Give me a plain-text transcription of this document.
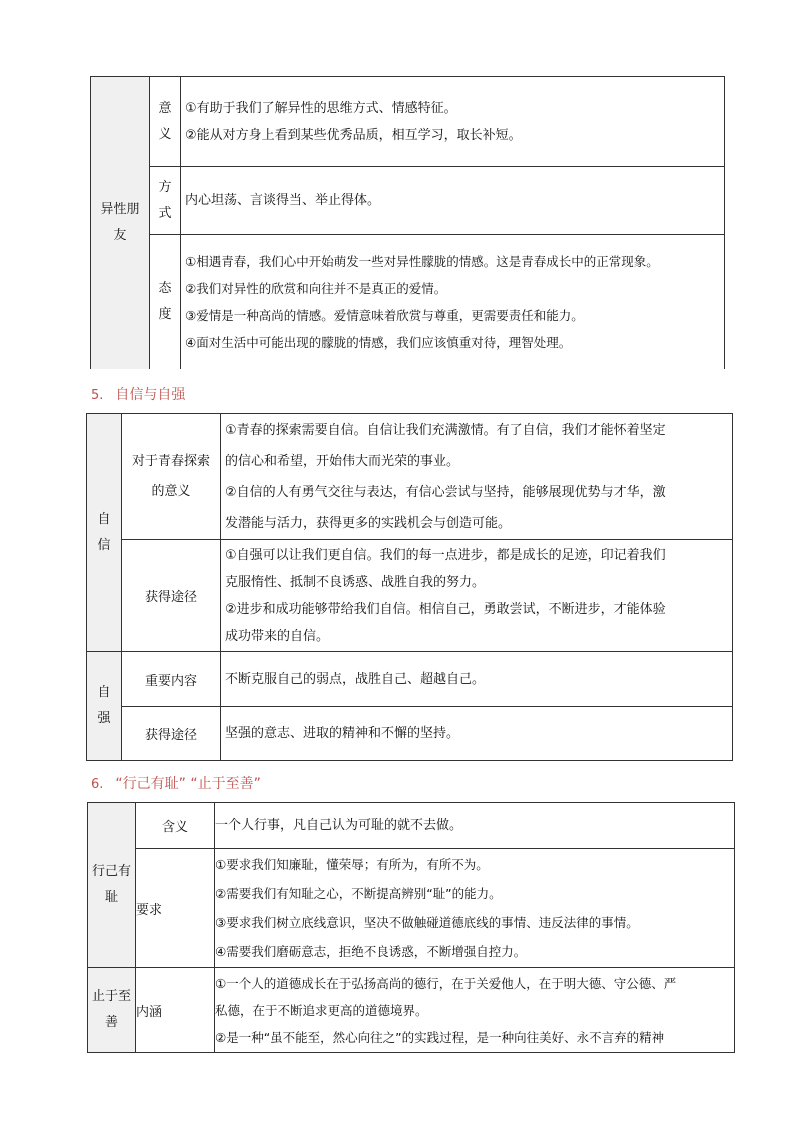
异性朋友	意义	①有助于我们了解异性的思维方式、情感特征。
②能从对方身上看到某些优秀品质，相互学习，取长补短。

	方式	内心坦荡、言谈得当、举止得体。

	态度	①相遇青春，我们心中开始萌发一些对异性朦胧的情感。这是青春成长中的正常现象。
②我们对异性的欣赏和向往并不是真正的爱情。
③爱情是一种高尚的情感。爱情意味着欣赏与尊重，更需要责任和能力。
④面对生活中可能出现的朦胧的情感，我们应该慎重对待，理智处理。
5. 自信与自强
自信	对于青春探索的意义	①青春的探索需要自信。自信让我们充满激情。有了自信，我们才能怀着坚定
的信心和希望，开始伟大而光荣的事业。
②自信的人有勇气交往与表达，有信心尝试与坚持，能够展现优势与才华，激
发潜能与活力，获得更多的实践机会与创造可能。

	获得途径	①自强可以让我们更自信。我们的每一点进步，都是成长的足迹，印记着我们
克服惰性、抵制不良诱惑、战胜自我的努力。
②进步和成功能够带给我们自信。相信自己，勇敢尝试，不断进步，才能体验
成功带来的自信。

自强	重要内容	不断克服自己的弱点，战胜自己、超越自己。

	获得途径	坚强的意志、进取的精神和不懈的坚持。
6. “行己有耻” “止于至善”
行己有耻	含义	一个人行事，凡自己认为可耻的就不去做。

	要求	①要求我们知廉耻，懂荣辱；有所为，有所不为。
②需要我们有知耻之心，不断提高辨别“耻”的能力。
③要求我们树立底线意识，坚决不做触碰道德底线的事情、违反法律的事情。
④需要我们磨砺意志，拒绝不良诱惑，不断增强自控力。

止于至善	内涵	①一个人的道德成长在于弘扬高尚的德行，在于关爱他人，在于明大德、守公德、严
私德，在于不断追求更高的道德境界。
②是一种“虽不能至，然心向往之”的实践过程，是一种向往美好、永不言弃的精神
